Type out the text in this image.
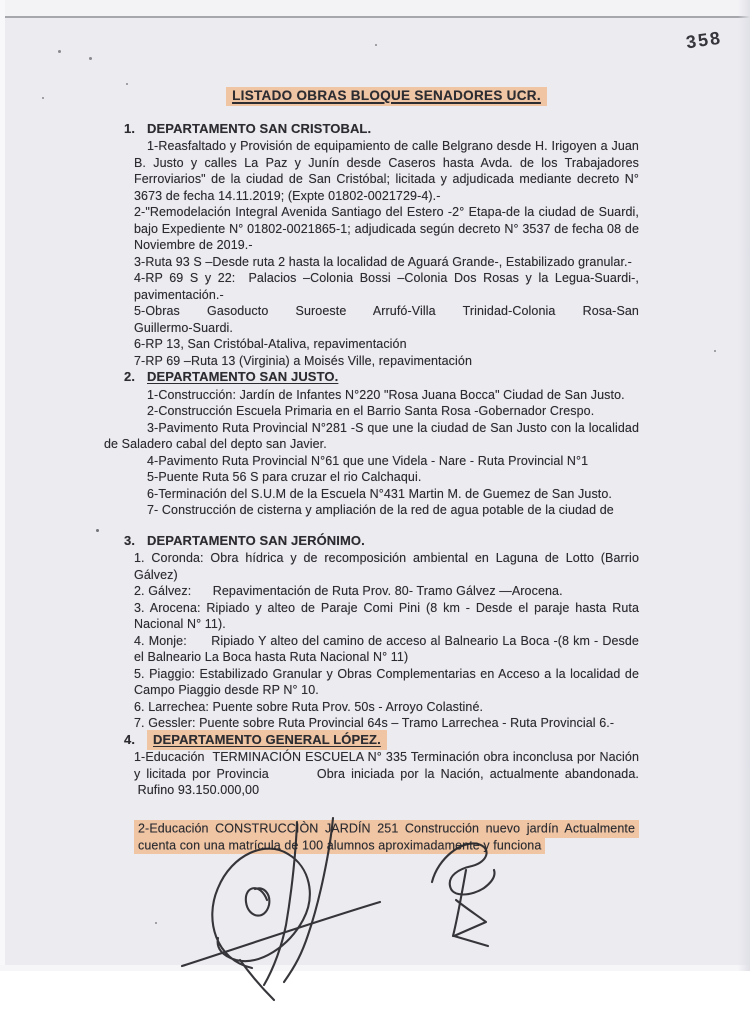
358
LISTADO OBRAS BLOQUE SENADORES UCR.
1. DEPARTAMENTO SAN CRISTOBAL.

1-Reasfaltado y Provisión de equipamiento de calle Belgrano desde H. Irigoyen a Juan B. Justo y calles La Paz y Junín desde Caseros hasta Avda. de los Trabajadores Ferroviarios" de la ciudad de San Cristóbal; licitada y adjudicada mediante decreto N° 3673 de fecha 14.11.2019; (Expte 01802-0021729-4).-

2-"Remodelación Integral Avenida Santiago del Estero -2° Etapa-de la ciudad de Suardi, bajo Expediente N° 01802-0021865-1; adjudicada según decreto N° 3537 de fecha 08 de Noviembre de 2019.-

3-Ruta 93 S –Desde ruta 2 hasta la localidad de Aguará Grande-, Estabilizado granular.-

4-RP 69 S y 22:  Palacios –Colonia Bossi –Colonia Dos Rosas y la Legua-Suardi-, pavimentación.-

5-Obras Gasoducto Suroeste Arrufó-Villa Trinidad-Colonia Rosa-San Guillermo-Suardi.

6-RP 13, San Cristóbal-Ataliva, repavimentación

7-RP 69 –Ruta 13 (Virginia) a Moisés Ville, repavimentación

2. DEPARTAMENTO SAN JUSTO.

1-Construcción: Jardín de Infantes N°220 "Rosa Juana Bocca" Ciudad de San Justo.

2-Construcción Escuela Primaria en el Barrio Santa Rosa -Gobernador Crespo.

3-Pavimento Ruta Provincial N°281 -S que une la ciudad de San Justo con la localidad de Saladero cabal del depto san Javier.

4-Pavimento Ruta Provincial N°61 que une Videla - Nare - Ruta Provincial N°1

5-Puente Ruta 56 S para cruzar el rio Calchaqui.

6-Terminación del S.U.M de la Escuela N°431 Martin M. de Guemez de San Justo.

7- Construcción de cisterna y ampliación de la red de agua potable de la ciudad de

3. DEPARTAMENTO SAN JERÓNIMO.

1. Coronda: Obra hídrica y de recomposición ambiental en Laguna de Lotto (Barrio Gálvez)

2. Gálvez:      Repavimentación de Ruta Prov. 80- Tramo Gálvez —Arocena.

3. Arocena: Ripiado y alteo de Paraje Comi Pini (8 km - Desde el paraje hasta Ruta Nacional N° 11).

4. Monje:      Ripiado Y alteo del camino de acceso al Balneario La Boca -(8 km - Desde el Balneario La Boca hasta Ruta Nacional N° 11)

5. Piaggio: Estabilizado Granular y Obras Complementarias en Acceso a la localidad de Campo Piaggio desde RP N° 10.

6. Larrechea: Puente sobre Ruta Prov. 50s - Arroyo Colastiné.

7. Gessler: Puente sobre Ruta Provincial 64s – Tramo Larrechea - Ruta Provincial 6.-

4.	DEPARTAMENTO GENERAL LÓPEZ.

1-Educación  TERMINACIÓN ESCUELA N° 335 Terminación obra inconclusa por Nación y licitada por Provincia        Obra iniciada por la Nación, actualmente abandonada.  Rufino 93.150.000,00

2-Educación CONSTRUCCIÒN JARDÍN 251 Construcción nuevo jardín Actualmente cuenta con una matrícula de 100 alumnos aproximadamente y funciona
